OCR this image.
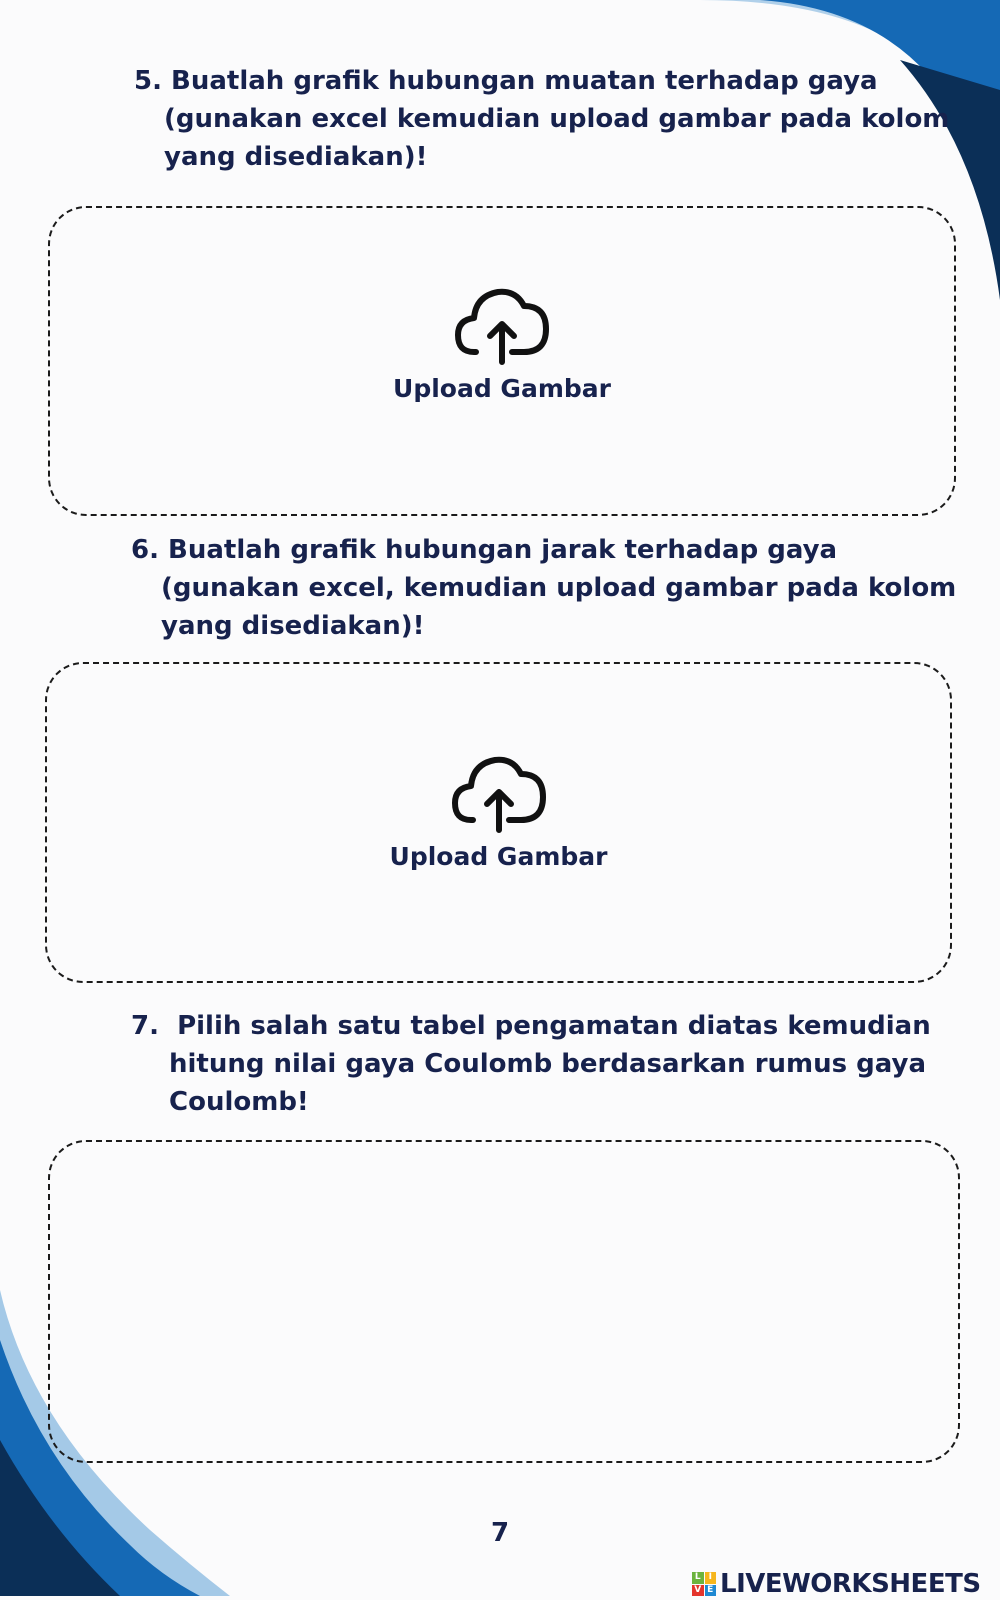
5. Buatlah grafik hubungan muatan terhadap gaya
(gunakan excel kemudian upload gambar pada kolom
yang disediakan)!
Upload Gambar
6. Buatlah grafik hubungan jarak terhadap gaya
(gunakan excel, kemudian upload gambar pada kolom
yang disediakan)!
Upload Gambar
7. Pilih salah satu tabel pengamatan diatas kemudian
hitung nilai gaya Coulomb berdasarkan rumus gaya
Coulomb!
7
L I
V E LIVEWORKSHEETS
